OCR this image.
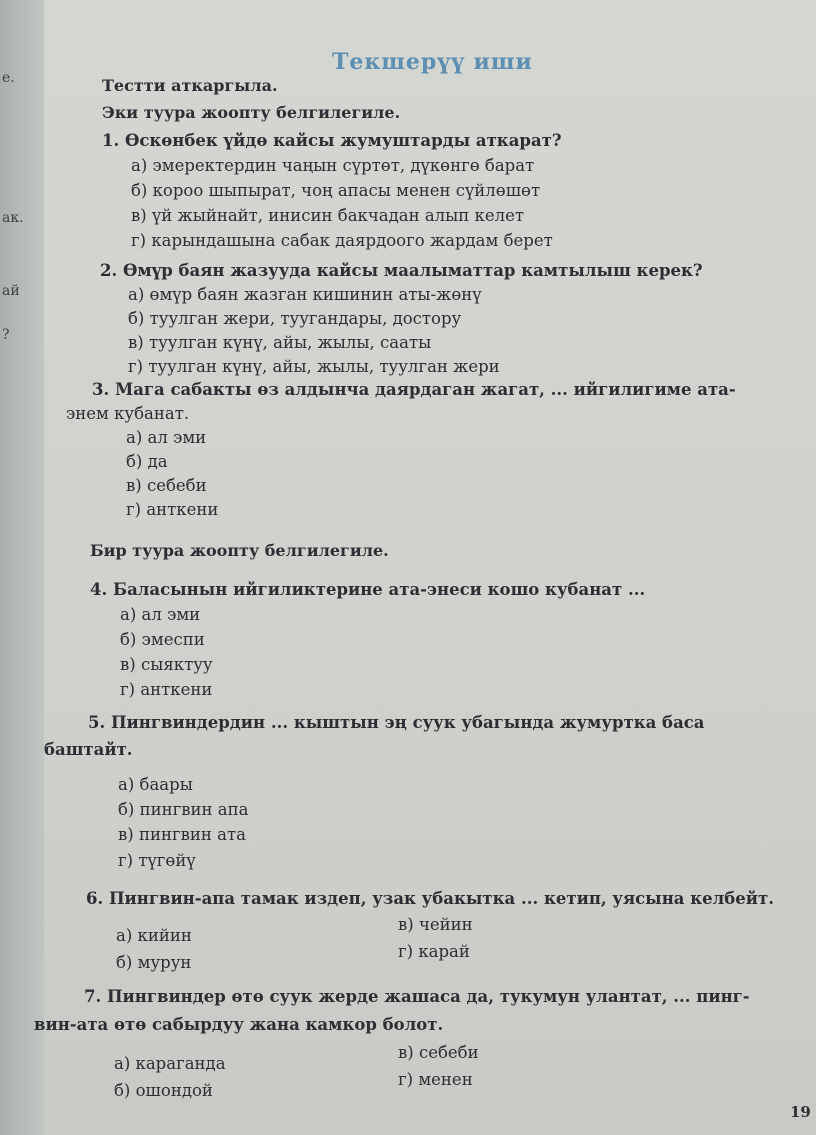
е.
ак.
ай
?
Текшерүү иши
Тестти аткаргыла.
Эки туура жоопту белгилегиле.
1. Өскөнбек үйдө кайсы жумуштарды аткарат?
а) эмеректердин чаңын сүртөт, дүкөнгө барат
б) короо шыпырат, чоң апасы менен сүйлөшөт
в) үй жыйнайт, инисин бакчадан алып келет
г) карындашына сабак даярдоого жардам берет
2. Өмүр баян жазууда кайсы маалыматтар камтылыш керек?
а) өмүр баян жазган кишинин аты-жөнү
б) туулган жери, туугандары, достору
в) туулган күнү, айы, жылы, сааты
г) туулган күнү, айы, жылы, туулган жери
3. Мага сабакты өз алдынча даярдаган жагат, ... ийгилигиме ата-
энем кубанат.
а) ал эми
б) да
в) себеби
г) анткени
Бир туура жоопту белгилегиле.
4. Баласынын ийгиликтерине ата-энеси кошо кубанат ...
а) ал эми
б) эмеспи
в) сыяктуу
г) анткени
5. Пингвиндердин ... кыштын эң суук убагында жумуртка баса
баштайт.
а) баары
б) пингвин апа
в) пингвин ата
г) түгөйү
6. Пингвин-апа тамак издеп, узак убакытка ... кетип, уясына келбейт.
а) кийин
б) мурун
в) чейин
г) карай
7. Пингвиндер өтө суук жерде жашаса да, тукумун улантат, ... пинг-
вин-ата өтө сабырдуу жана камкор болот.
а) караганда
б) ошондой
в) себеби
г) менен
19
